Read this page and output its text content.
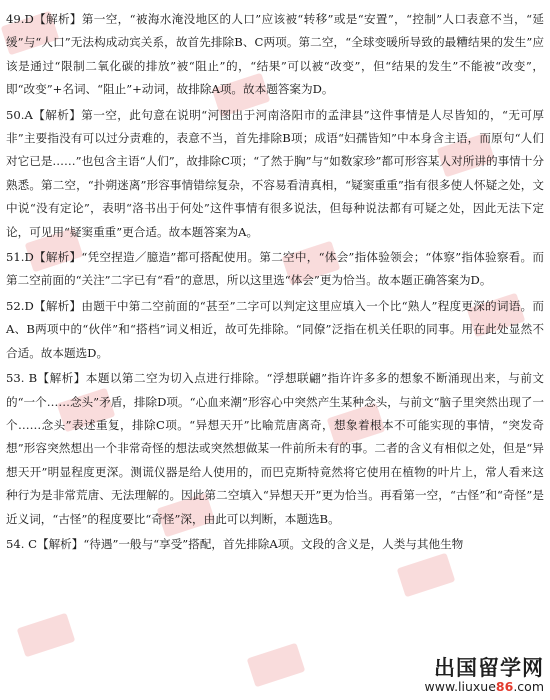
49.D【解析】第一空，“被海水淹没地区的人口”应该被“转移”或是“安置”，“控制”人口表意不当，“延缓”与“人口”无法构成动宾关系，故首先排除B、C两项。第二空，“全球变暖所导致的最糟结果的发生”应该是通过“限制二氧化碳的排放”被“阻止”的，“结果”可以被“改变”，但“结果的发生”不能被“改变”，即“改变”+名词、“阻止”+动词，故排除A项。故本题答案为D。

50.A【解析】第一空，此句意在说明“河图出于河南洛阳市的孟津县”这件事情是人尽皆知的，“无可厚非”主要指没有可以过分责难的，表意不当，首先排除B项；成语“妇孺皆知”中本身含主语，而原句“人们对它已是……”也包含主语“人们”，故排除C项；“了然于胸”与“如数家珍”都可形容某人对所讲的事情十分熟悉。第二空，“扑朔迷离”形容事情错综复杂，不容易看清真相，“疑窦重重”指有很多使人怀疑之处，文中说“没有定论”，表明“洛书出于何处”这件事情有很多说法，但每种说法都有可疑之处，因此无法下定论，可见用“疑窦重重”更合适。故本题答案为A。

51.D【解析】“凭空捏造／臆造”都可搭配使用。第二空中，“体会”指体验领会；“体察”指体验察看。而第二空前面的“关注”二字已有“看”的意思，所以这里选“体会”更为恰当。故本题正确答案为D。

52.D【解析】由题干中第二空前面的“甚至”二字可以判定这里应填入一个比“熟人”程度更深的词语。而A、B两项中的“伙伴”和“搭档”词义相近，故可先排除。“同僚”泛指在机关任职的同事。用在此处显然不合适。故本题选D。

53. B【解析】本题以第二空为切入点进行排除。“浮想联翩”指许许多多的想象不断涌现出来，与前文的“一个……念头”矛盾，排除D项。“心血来潮”形容心中突然产生某种念头，与前文“脑子里突然出现了一个……念头”表述重复，排除C项。“异想天开”比喻荒唐离奇，想象着根本不可能实现的事情，“突发奇想”形容突然想出一个非常奇怪的想法或突然想做某一件前所未有的事。二者的含义有相似之处，但是“异想天开”明显程度更深。测谎仪器是给人使用的，而巴克斯特竟然将它使用在植物的叶片上，常人看来这种行为是非常荒唐、无法理解的。因此第二空填入“异想天开”更为恰当。再看第一空，“古怪”和“奇怪”是近义词，“古怪”的程度要比“奇怪”深，由此可以判断，本题选B。

54. C【解析】“待遇”一般与“享受”搭配，首先排除A项。文段的含义是，人类与其他生物

出国留学网
www.liuxue86.com
